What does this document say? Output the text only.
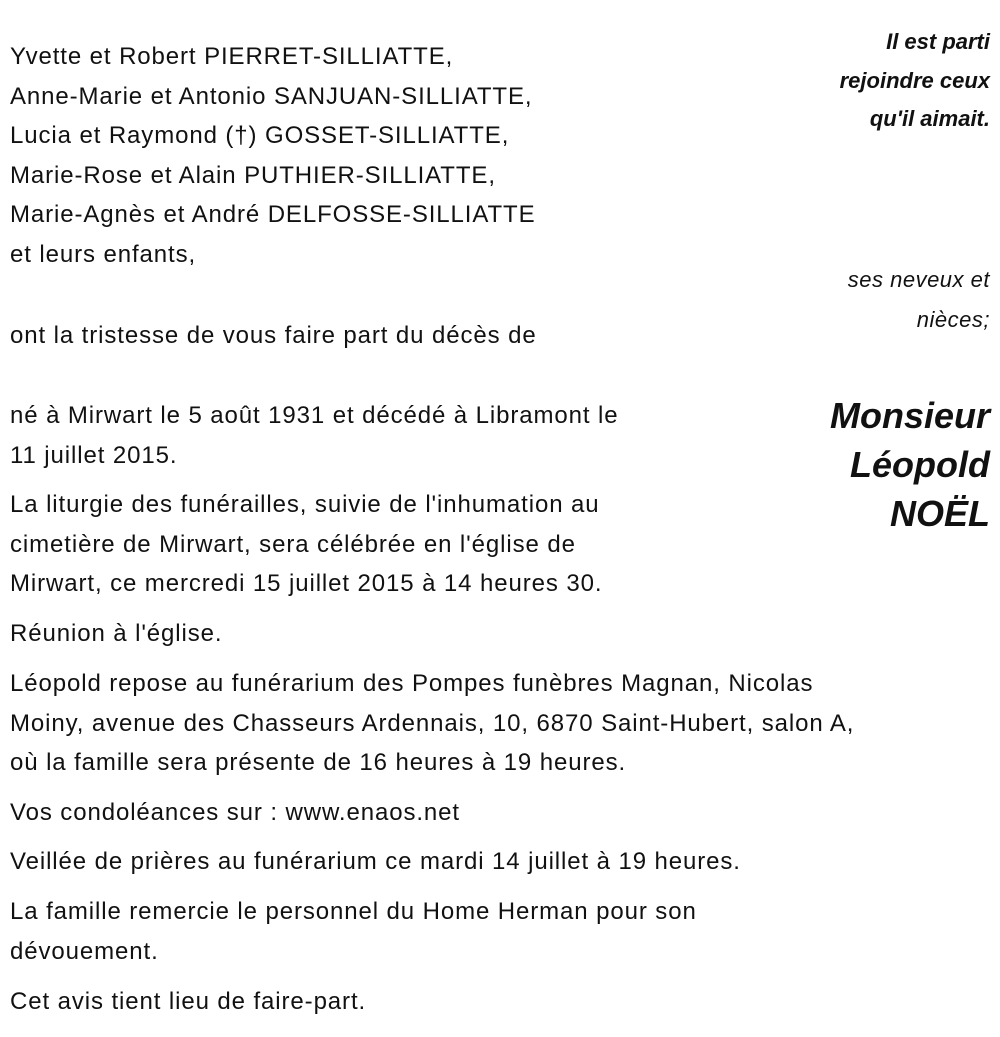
Il est parti
rejoindre ceux
qu'il aimait.
Yvette et Robert PIERRET-SILLIATTE,
Anne-Marie et Antonio SANJUAN-SILLIATTE,
Lucia et Raymond (†) GOSSET-SILLIATTE,
Marie-Rose et Alain PUTHIER-SILLIATTE,
Marie-Agnès et André DELFOSSE-SILLIATTE
et leurs enfants,
ses neveux et
nièces;
ont la tristesse de vous faire part du décès de
Monsieur
Léopold
NOËL
né à Mirwart le 5 août 1931 et décédé à Libramont le
11 juillet 2015.
La liturgie des funérailles, suivie de l'inhumation au
cimetière de Mirwart, sera célébrée en l'église de
Mirwart, ce mercredi 15 juillet 2015 à 14 heures 30.
Réunion à l'église.
Léopold repose au funérarium des Pompes funèbres Magnan, Nicolas
Moiny, avenue des Chasseurs Ardennais, 10, 6870 Saint-Hubert, salon A,
où la famille sera présente de 16 heures à 19 heures.
Vos condoléances sur : www.enaos.net
Veillée de prières au funérarium ce mardi 14 juillet à 19 heures.
La famille remercie le personnel du Home Herman pour son
dévouement.
Cet avis tient lieu de faire-part.
